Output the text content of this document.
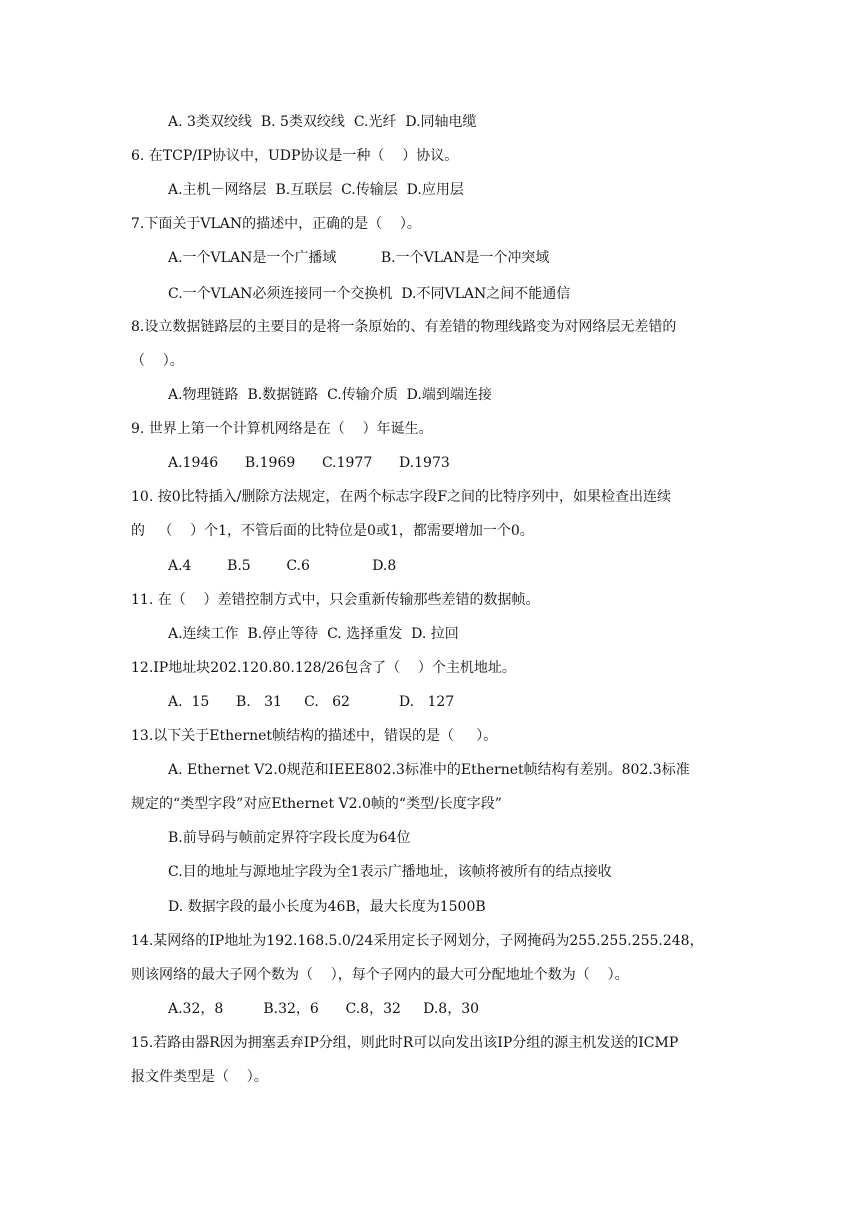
A. 3类双绞线  B. 5类双绞线  C.光纤  D.同轴电缆

6. 在TCP/IP协议中，UDP协议是一种（    ）协议。

A.主机－网络层  B.互联层  C.传输层  D.应用层

7.下面关于VLAN的描述中，正确的是（    ）。

A.一个VLAN是一个广播域          B.一个VLAN是一个冲突域

C.一个VLAN必须连接同一个交换机  D.不同VLAN之间不能通信

8.设立数据链路层的主要目的是将一条原始的、有差错的物理线路变为对网络层无差错的

（    ）。

A.物理链路  B.数据链路  C.传输介质  D.端到端连接

9. 世界上第一个计算机网络是在（    ）年诞生。

A.1946      B.1969      C.1977      D.1973

10. 按0比特插入/删除方法规定，在两个标志字段F之间的比特序列中，如果检查出连续

的   （    ）个1，不管后面的比特位是0或1，都需要增加一个0。

A.4        B.5        C.6              D.8

11. 在（    ）差错控制方式中，只会重新传输那些差错的数据帧。

A.连续工作  B.停止等待  C. 选择重发  D. 拉回

12.IP地址块202.120.80.128/26包含了（    ）个主机地址。

A.  15      B.   31     C.   62           D.   127

13.以下关于Ethernet帧结构的描述中，错误的是（     ）。

A. Ethernet V2.0规范和IEEE802.3标准中的Ethernet帧结构有差别。802.3标准

规定的“类型字段”对应Ethernet V2.0帧的“类型/长度字段”

B.前导码与帧前定界符字段长度为64位

C.目的地址与源地址字段为全1表示广播地址，该帧将被所有的结点接收

D. 数据字段的最小长度为46B，最大长度为1500B

14.某网络的IP地址为192.168.5.0/24采用定长子网划分，子网掩码为255.255.255.248，

则该网络的最大子网个数为（    ），每个子网内的最大可分配地址个数为（    ）。

A.32，8         B.32，6      C.8，32     D.8，30

15.若路由器R因为拥塞丢弃IP分组，则此时R可以向发出该IP分组的源主机发送的ICMP

报文件类型是（    ）。
